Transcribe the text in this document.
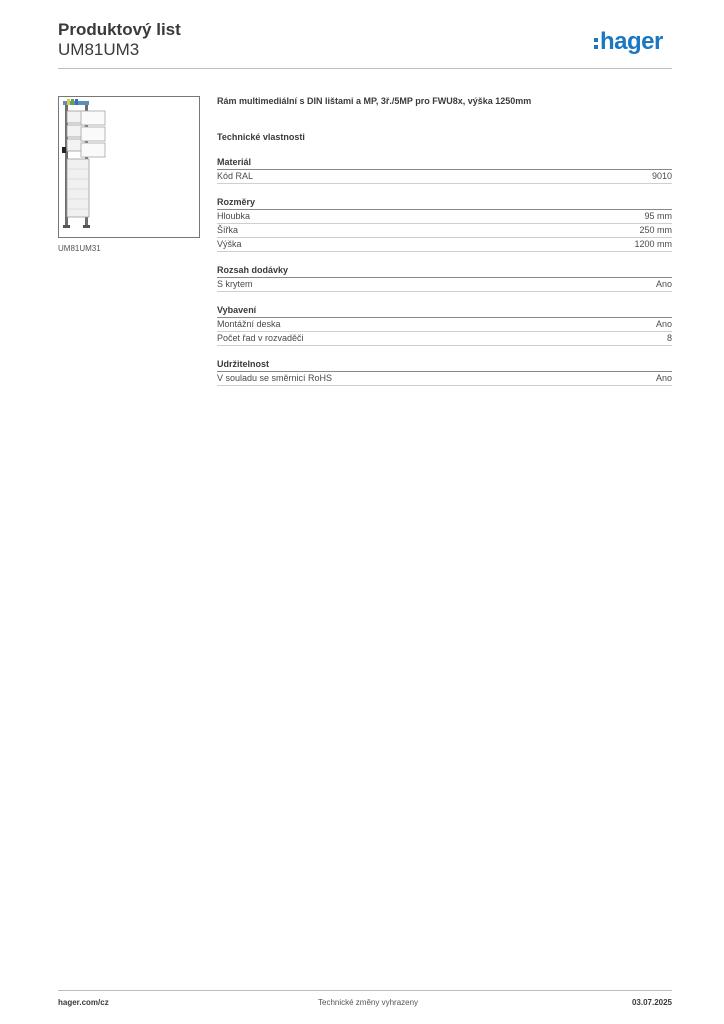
Produktový list
UM81UM3	hager
UM81UM31
Rám multimediální s DIN lištami a MP, 3ř./5MP pro FWU8x, výška 1250mm
Technické vlastnosti
Materiál
Kód RAL	9010
Rozměry
Hloubka	95 mm
Šířka	250 mm
Výška	1200 mm
Rozsah dodávky
S krytem	Ano
Vybavení
Montážní deska	Ano
Počet řad v rozvaděči	8
Udržitelnost
V souladu se směrnicí RoHS	Ano
hager.com/cz	Technické změny vyhrazeny	03.07.2025
